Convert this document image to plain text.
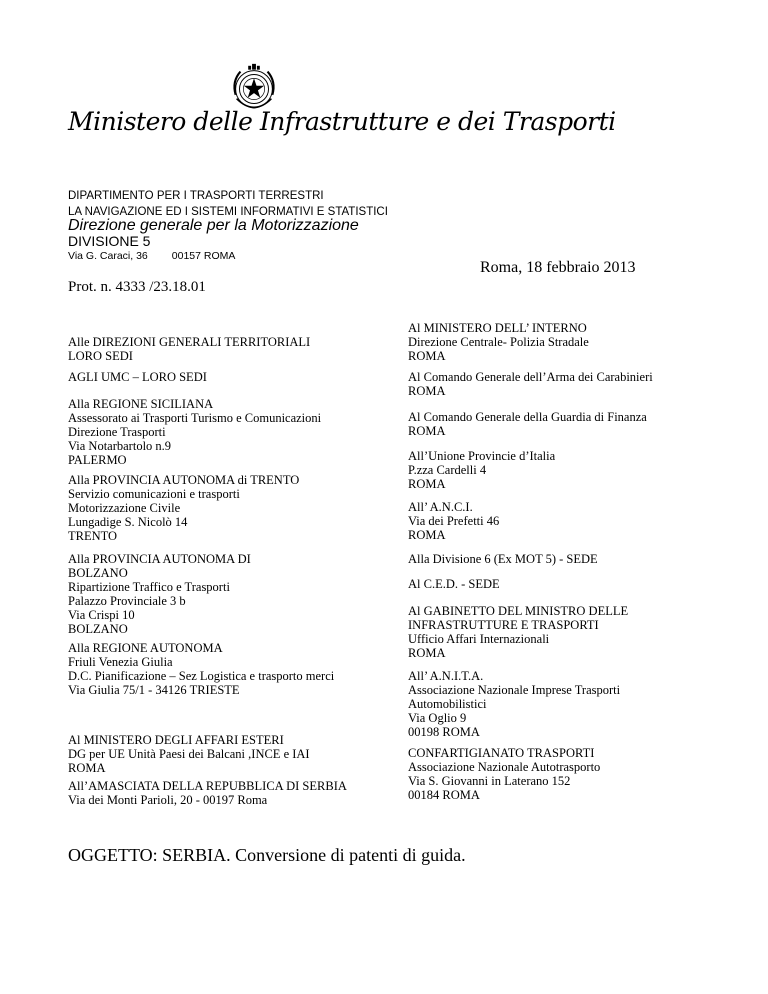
Ministero delle Infrastrutture e dei Trasporti
DIPARTIMENTO PER I TRASPORTI TERRESTRI
LA NAVIGAZIONE ED I SISTEMI INFORMATIVI E STATISTICI
Direzione generale per la Motorizzazione
DIVISIONE 5
Via G. Caraci, 36 00157 ROMA
Roma, 18 febbraio 2013
Prot. n. 4333 /23.18.01
Alle DIREZIONI GENERALI TERRITORIALI
LORO SEDI
AGLI UMC – LORO SEDI
Alla REGIONE SICILIANA
Assessorato ai Trasporti Turismo e Comunicazioni
Direzione Trasporti
Via Notarbartolo n.9
PALERMO
Alla PROVINCIA AUTONOMA di TRENTO
Servizio comunicazioni e trasporti
Motorizzazione Civile
Lungadige S. Nicolò 14
TRENTO
Alla PROVINCIA AUTONOMA DI
BOLZANO
Ripartizione Traffico e Trasporti
Palazzo Provinciale 3 b
Via Crispi 10
BOLZANO
Alla REGIONE AUTONOMA
Friuli Venezia Giulia
D.C. Pianificazione – Sez Logistica e trasporto merci
Via Giulia 75/1 - 34126 TRIESTE
Al MINISTERO DEGLI AFFARI ESTERI
DG per UE Unità Paesi dei Balcani ,INCE e IAI
ROMA
All’AMASCIATA DELLA REPUBBLICA DI SERBIA
Via dei Monti Parioli, 20 - 00197 Roma
Al MINISTERO DELL’ INTERNO
Direzione Centrale- Polizia Stradale
ROMA
Al Comando Generale dell’Arma dei Carabinieri
ROMA
Al Comando Generale della Guardia di Finanza
ROMA
All’Unione Provincie d’Italia
P.zza Cardelli 4
ROMA
All’ A.N.C.I.
Via dei Prefetti 46
ROMA
Alla Divisione 6 (Ex MOT 5) - SEDE
Al C.E.D. - SEDE
Al GABINETTO DEL MINISTRO DELLE
INFRASTRUTTURE E TRASPORTI
Ufficio Affari Internazionali
ROMA
All’ A.N.I.T.A.
Associazione Nazionale Imprese Trasporti
Automobilistici
Via Oglio 9
00198 ROMA
CONFARTIGIANATO TRASPORTI
Associazione Nazionale Autotrasporto
Via S. Giovanni in Laterano 152
00184 ROMA
OGGETTO: SERBIA. Conversione di patenti di guida.
